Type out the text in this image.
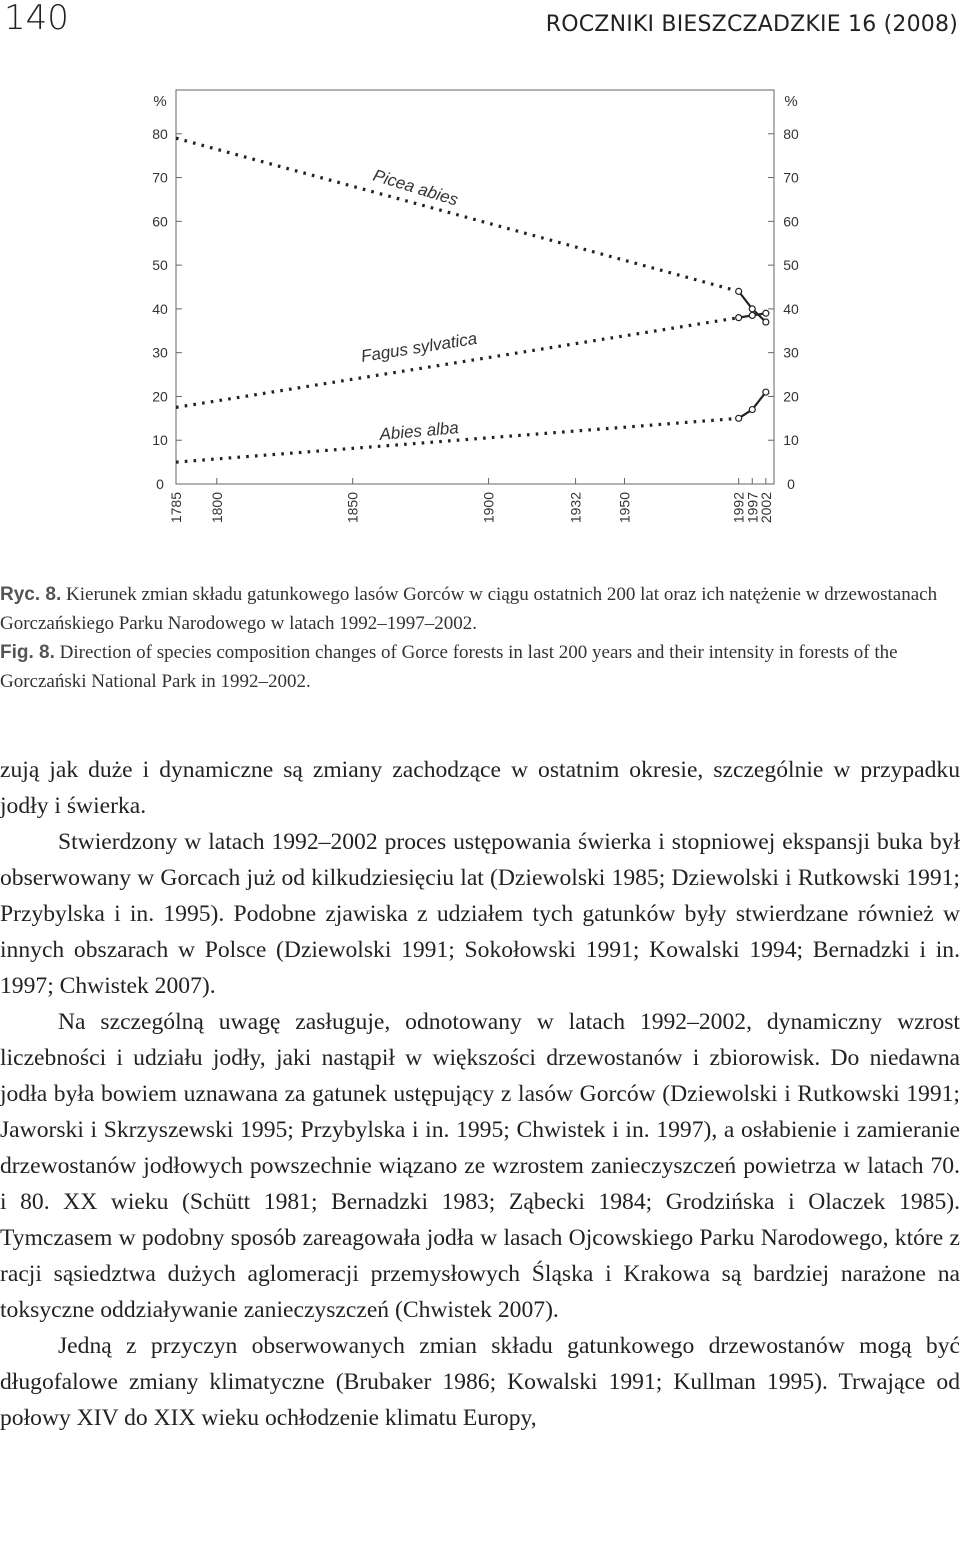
140	ROCZNIKI BIESZCZADZKIE 16 (2008)
0	0
10	10
20	20
30	30
40	40
50	50
60	60
70	70
80	80
1785 1800	1850	1900	1932 1950	1992
1997
2002
%	%
Picea abies
Fagus sylvatica
Abies alba
Ryc. 8. Kierunek zmian składu gatunkowego lasów Gorców w ciągu ostatnich 200 lat oraz ich natężenie w drzewostanach Gorczańskiego Parku Narodowego w latach 1992–1997–2002.
Fig. 8. Direction of species composition changes of Gorce forests in last 200 years and their intensity in forests of the Gorczański National Park in 1992–2002.

zują jak duże i dynamiczne są zmiany zachodzące w ostatnim okresie, szczególnie w przypadku jodły i świerka.

Stwierdzony w latach 1992–2002 proces ustępowania świerka i stopniowej ekspansji buka był obserwowany w Gorcach już od kilkudziesięciu lat (Dziewolski 1985; Dziewolski i Rutkowski 1991; Przybylska i in. 1995). Podobne zjawiska z udziałem tych gatunków były stwierdzane również w innych obszarach w Polsce (Dziewolski 1991; Sokołowski 1991; Kowalski 1994; Bernadzki i in. 1997; Chwistek 2007).

Na szczególną uwagę zasługuje, odnotowany w latach 1992–2002, dynamiczny wzrost liczebności i udziału jodły, jaki nastąpił w większości drzewostanów i zbiorowisk. Do niedawna jodła była bowiem uznawana za gatunek ustępujący z lasów Gorców (Dziewolski i Rutkowski 1991; Jaworski i Skrzyszewski 1995; Przybylska i in. 1995; Chwistek i in. 1997), a osłabienie i zamieranie drzewostanów jodłowych powszechnie wiązano ze wzrostem zanieczyszczeń powietrza w latach 70. i 80. XX wieku (Schütt 1981; Bernadzki 1983; Ząbecki 1984; Grodzińska i Olaczek 1985). Tymczasem w podobny sposób zareagowała jodła w lasach Ojcowskiego Parku Narodowego, które z racji sąsiedztwa dużych aglomeracji przemysłowych Śląska i Krakowa są bardziej narażone na toksyczne oddziaływanie zanieczyszczeń (Chwistek 2007).

Jedną z przyczyn obserwowanych zmian składu gatunkowego drzewostanów mogą być długofalowe zmiany klimatyczne (Brubaker 1986; Kowalski 1991; Kullman 1995). Trwające od połowy XIV do XIX wieku ochłodzenie klimatu Europy,
